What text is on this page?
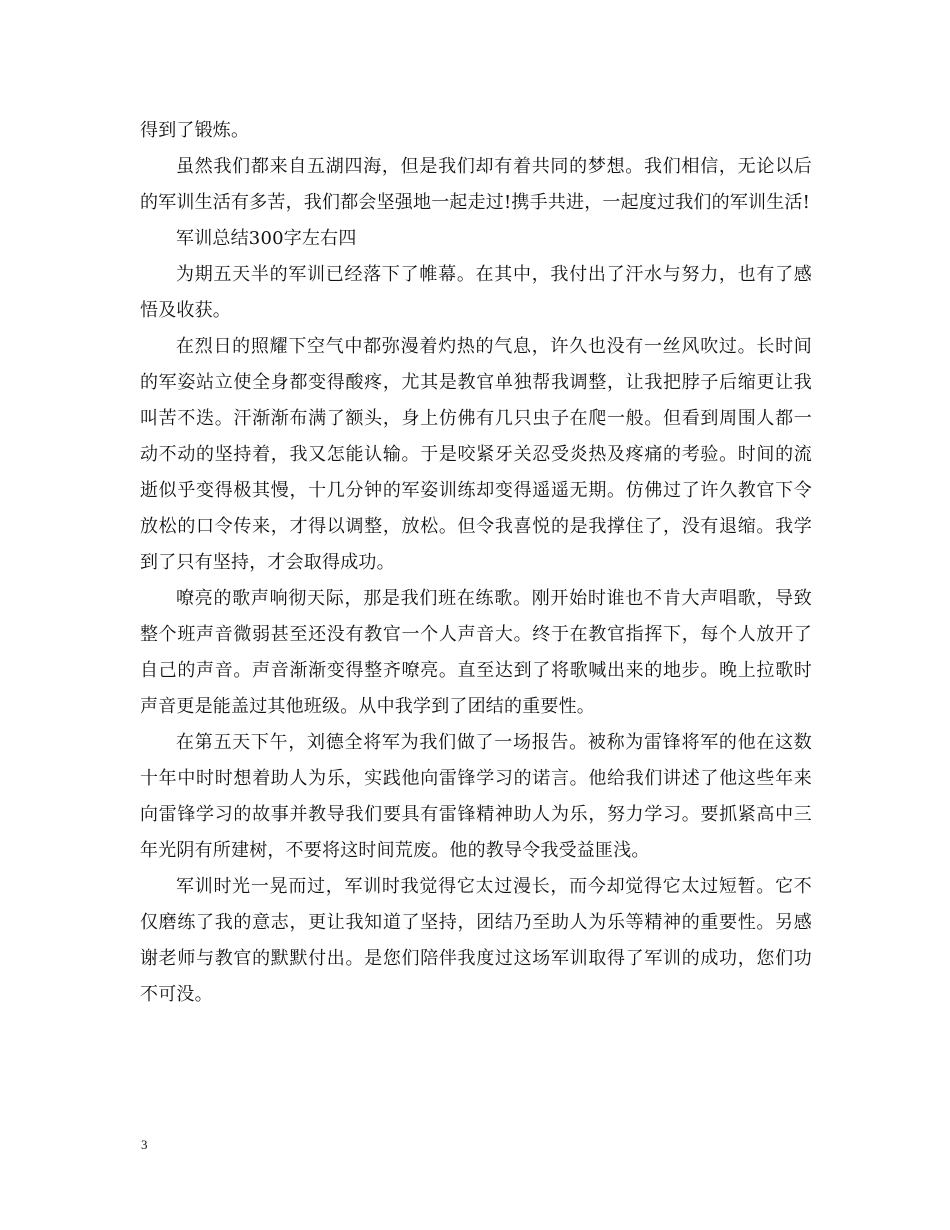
得到了锻炼。

虽然我们都来自五湖四海，但是我们却有着共同的梦想。我们相信，无论以后的军训生活有多苦，我们都会坚强地一起走过!携手共进，一起度过我们的军训生活!

军训总结300字左右四

为期五天半的军训已经落下了帷幕。在其中，我付出了汗水与努力，也有了感悟及收获。

在烈日的照耀下空气中都弥漫着灼热的气息，许久也没有一丝风吹过。长时间的军姿站立使全身都变得酸疼，尤其是教官单独帮我调整，让我把脖子后缩更让我叫苦不迭。汗渐渐布满了额头，身上仿佛有几只虫子在爬一般。但看到周围人都一动不动的坚持着，我又怎能认输。于是咬紧牙关忍受炎热及疼痛的考验。时间的流逝似乎变得极其慢，十几分钟的军姿训练却变得遥遥无期。仿佛过了许久教官下令放松的口令传来，才得以调整，放松。但令我喜悦的是我撑住了，没有退缩。我学到了只有坚持，才会取得成功。

嘹亮的歌声响彻天际，那是我们班在练歌。刚开始时谁也不肯大声唱歌，导致整个班声音微弱甚至还没有教官一个人声音大。终于在教官指挥下，每个人放开了自己的声音。声音渐渐变得整齐嘹亮。直至达到了将歌喊出来的地步。晚上拉歌时声音更是能盖过其他班级。从中我学到了团结的重要性。

在第五天下午，刘德全将军为我们做了一场报告。被称为雷锋将军的他在这数十年中时时想着助人为乐，实践他向雷锋学习的诺言。他给我们讲述了他这些年来向雷锋学习的故事并教导我们要具有雷锋精神助人为乐，努力学习。要抓紧高中三年光阴有所建树，不要将这时间荒废。他的教导令我受益匪浅。

军训时光一晃而过，军训时我觉得它太过漫长，而今却觉得它太过短暂。它不仅磨练了我的意志，更让我知道了坚持，团结乃至助人为乐等精神的重要性。另感谢老师与教官的默默付出。是您们陪伴我度过这场军训取得了军训的成功，您们功不可没。

3
